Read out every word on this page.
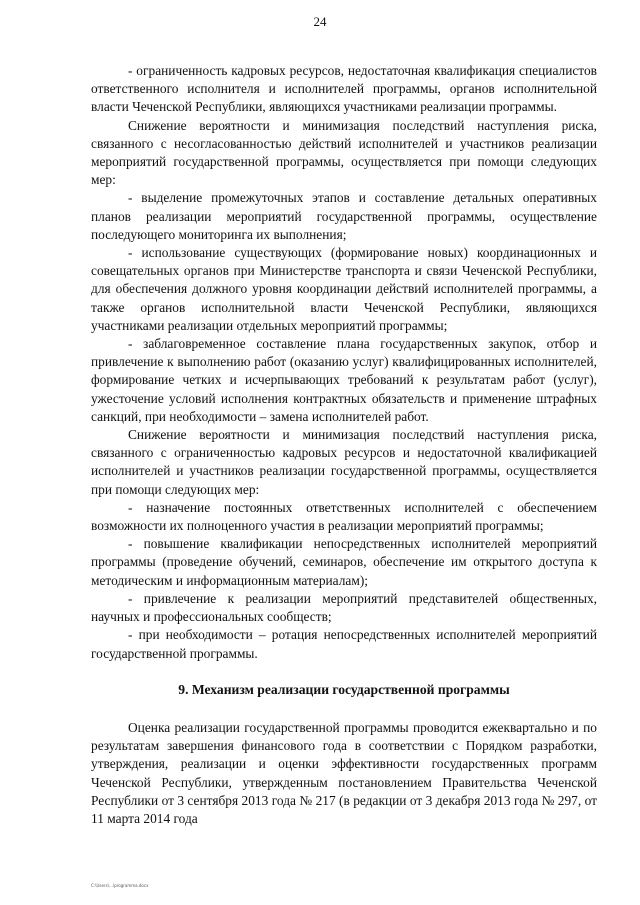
24

- ограниченность кадровых ресурсов, недостаточная квалификация специалистов ответственного исполнителя и исполнителей программы, органов исполнительной власти Чеченской Республики, являющихся участниками реализации программы.

Снижение вероятности и минимизация последствий наступления риска, связанного с несогласованностью действий исполнителей и участников реализации мероприятий государственной программы, осуществляется при помощи следующих мер:

- выделение промежуточных этапов и составление детальных оперативных планов реализации мероприятий государственной программы, осуществление последующего мониторинга их выполнения;

- использование существующих (формирование новых) координационных и совещательных органов при Министерстве транспорта и связи Чеченской Республики, для обеспечения должного уровня координации действий исполнителей программы, а также органов исполнительной власти Чеченской Республики, являющихся участниками реализации отдельных мероприятий программы;

- заблаговременное составление плана государственных закупок, отбор и привлечение к выполнению работ (оказанию услуг) квалифицированных исполнителей, формирование четких и исчерпывающих требований к результатам работ (услуг), ужесточение условий исполнения контрактных обязательств и применение штрафных санкций, при необходимости – замена исполнителей работ.

Снижение вероятности и минимизация последствий наступления риска, связанного с ограниченностью кадровых ресурсов и недостаточной квалификацией исполнителей и участников реализации государственной программы, осуществляется при помощи следующих мер:

- назначение постоянных ответственных исполнителей с обеспечением возможности их полноценного участия в реализации мероприятий программы;

- повышение квалификации непосредственных исполнителей мероприятий программы (проведение обучений, семинаров, обеспечение им открытого доступа к методическим и информационным материалам);

- привлечение к реализации мероприятий представителей общественных, научных и профессиональных сообществ;

- при необходимости – ротация непосредственных исполнителей мероприятий государственной программы.

9. Механизм реализации государственной программы

Оценка реализации государственной программы проводится ежеквартально и по результатам завершения финансового года в соответствии с Порядком разработки, утверждения, реализации и оценки эффективности государственных программ Чеченской Республики, утвержденным постановлением Правительства Чеченской Республики от 3 сентября 2013 года № 217 (в редакции от 3 декабря 2013 года № 297, от 11 марта 2014 года

C:\Users\...\programma.docx
